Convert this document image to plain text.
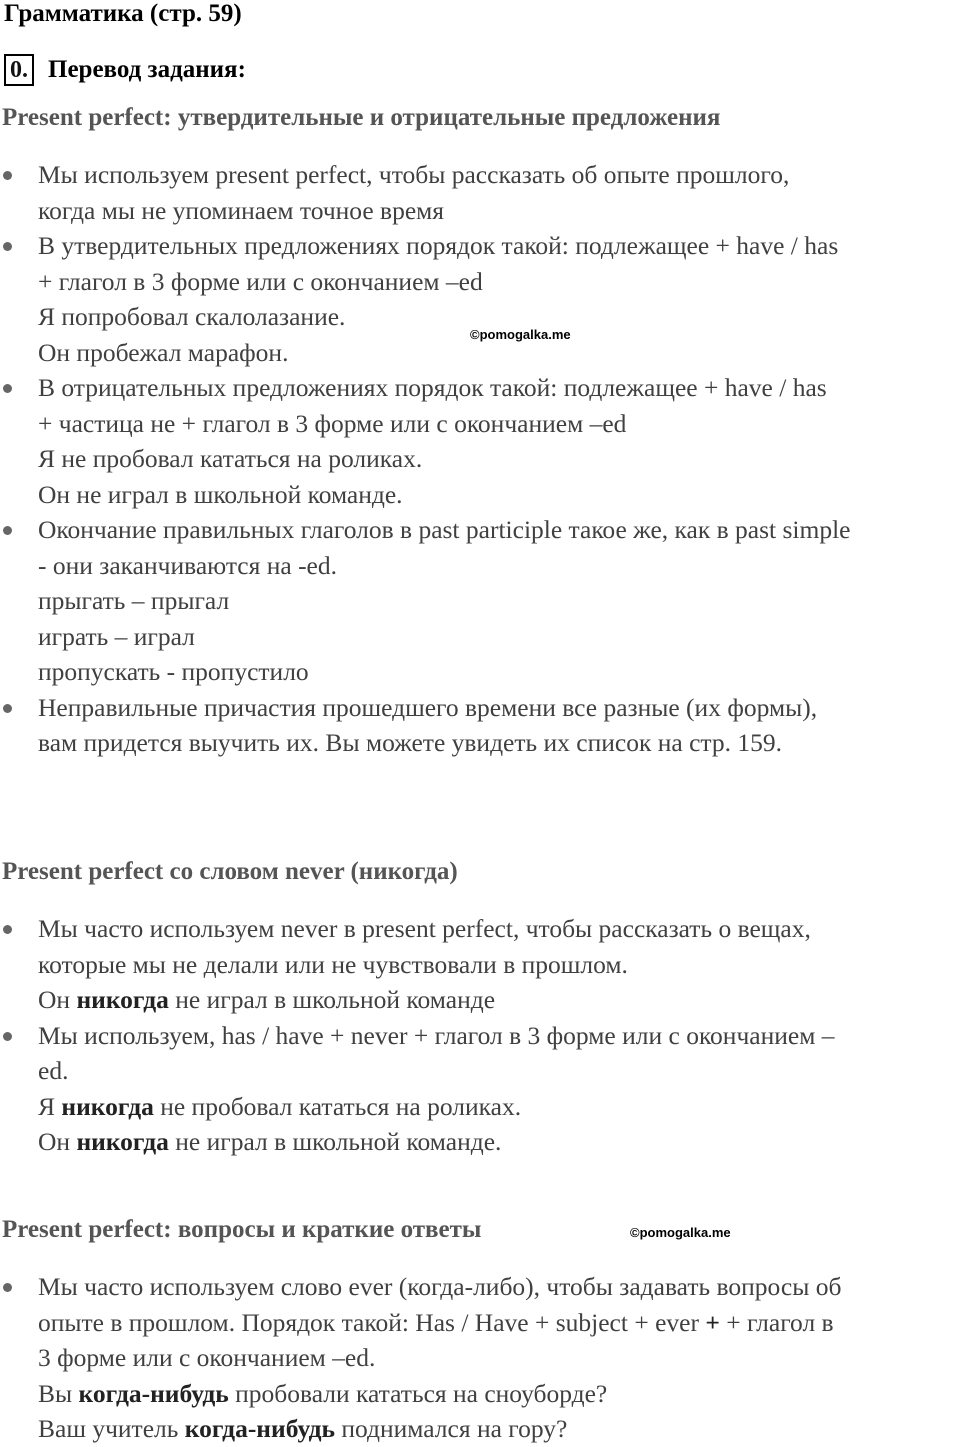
Грамматика (стр. 59)
0. Перевод задания:
Present perfect: утвердительные и отрицательные предложения
Мы используем present perfect, чтобы рассказать об опыте прошлого,
когда мы не упоминаем точное время
В утвердительных предложениях порядок такой: подлежащее + have / has
+ глагол в 3 форме или с окончанием –ed
Я попробовал скалолазание.
Он пробежал марафон.
В отрицательных предложениях порядок такой: подлежащее + have / has
+ частица не + глагол в 3 форме или с окончанием –ed
Я не пробовал кататься на роликах.
Он не играл в школьной команде.
Окончание правильных глаголов в past participle такое же, как в past simple
- они заканчиваются на -ed.
прыгать – прыгал
играть – играл
пропускать - пропустило
Неправильные причастия прошедшего времени все разные (их формы),
вам придется выучить их. Вы можете увидеть их список на стр. 159.
©pomogalka.me
Present perfect со словом never (никогда)
Мы часто используем never в present perfect, чтобы рассказать о вещах,
которые мы не делали или не чувствовали в прошлом.
Он никогда не играл в школьной команде
Мы используем, has / have + never + глагол в 3 форме или с окончанием –
ed.
Я никогда не пробовал кататься на роликах.
Он никогда не играл в школьной команде.
Present perfect: вопросы и краткие ответы	©pomogalka.me
Мы часто используем слово ever (когда-либо), чтобы задавать вопросы об
опыте в прошлом. Порядок такой: Has / Have + subject + ever + + глагол в
3 форме или с окончанием –ed.
Вы когда-нибудь пробовали кататься на сноуборде?
Ваш учитель когда-нибудь поднимался на гору?
